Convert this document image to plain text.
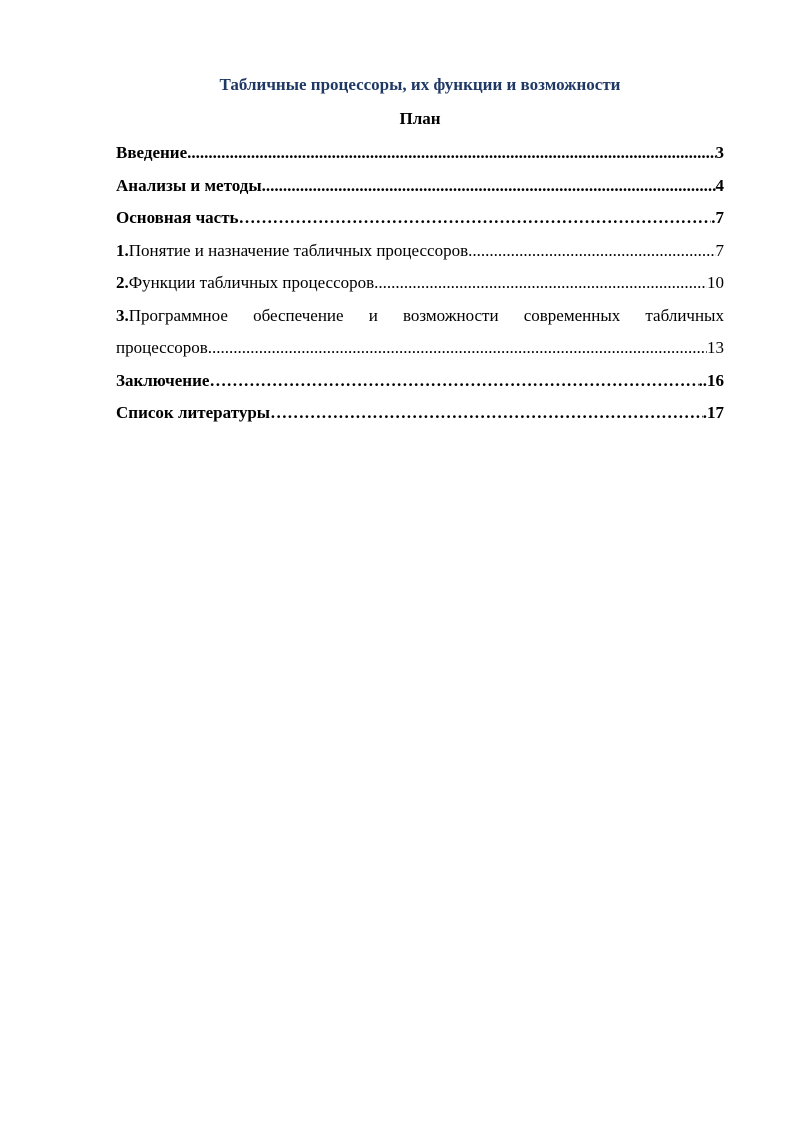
Табличные процессоры, их функции и возможности
План
Введение .....	3
Анализы и методы .....	4
Основная часть ………………………………………………………………………………………………………………………………………………………………………………………………………………	.7
1. Понятие и назначение табличных процессоров .....	7
2. Функции табличных процессоров .....	10
3. Программное обеспечение и возможности современных табличных
процессоров .....	13
Заключение ………………………………………………………………………………………………………………………………………………………………………………………………………………	..16
Список литературы ………………………………………………………………………………………………………………………………………………………………………………………………………………	.17
